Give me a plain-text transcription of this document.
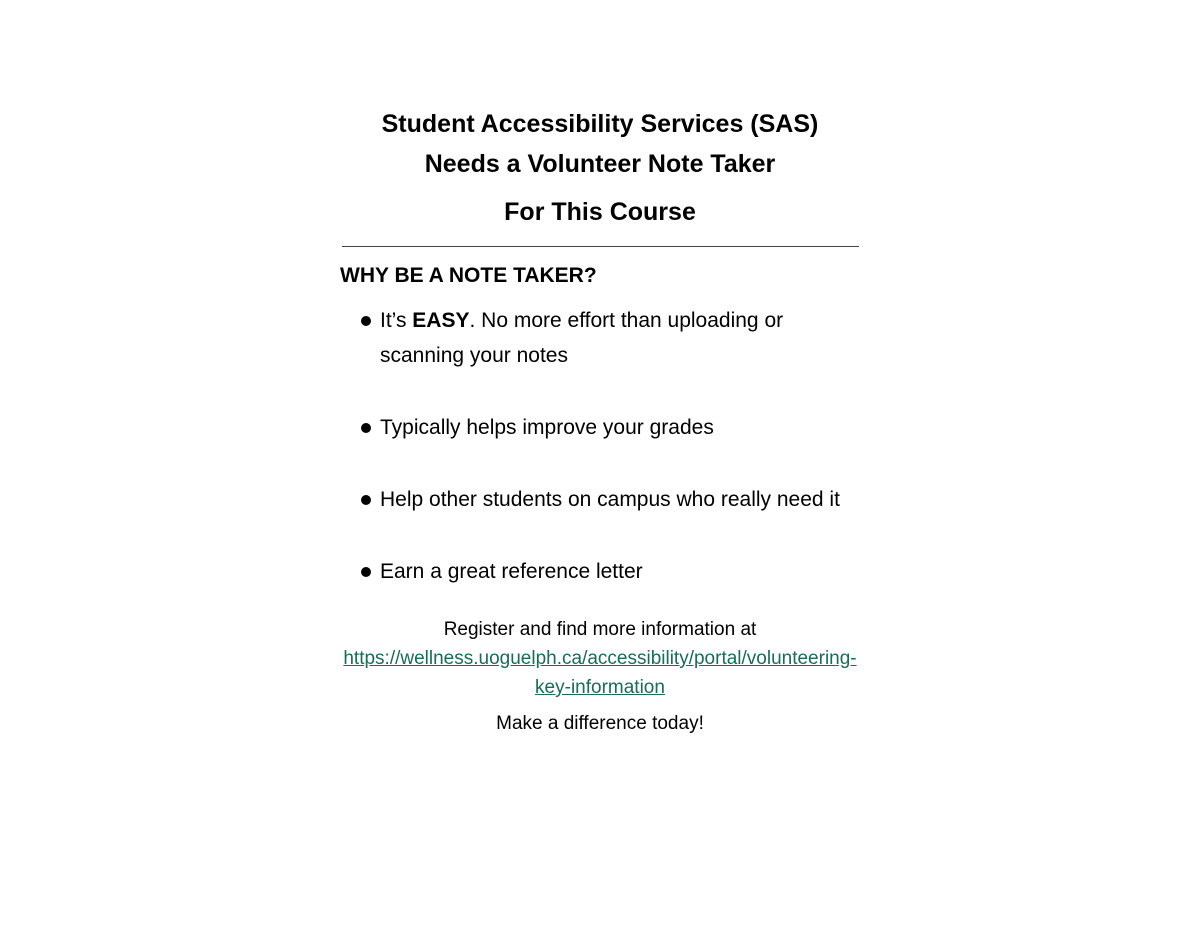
Student Accessibility Services (SAS)
Needs a Volunteer Note Taker
For This Course
WHY BE A NOTE TAKER?
It’s EASY. No more effort than uploading or scanning your notes
Typically helps improve your grades
Help other students on campus who really need it
Earn a great reference letter
Register and find more information at
https://wellness.uoguelph.ca/accessibility/portal/volunteering-key-information
Make a difference today!
